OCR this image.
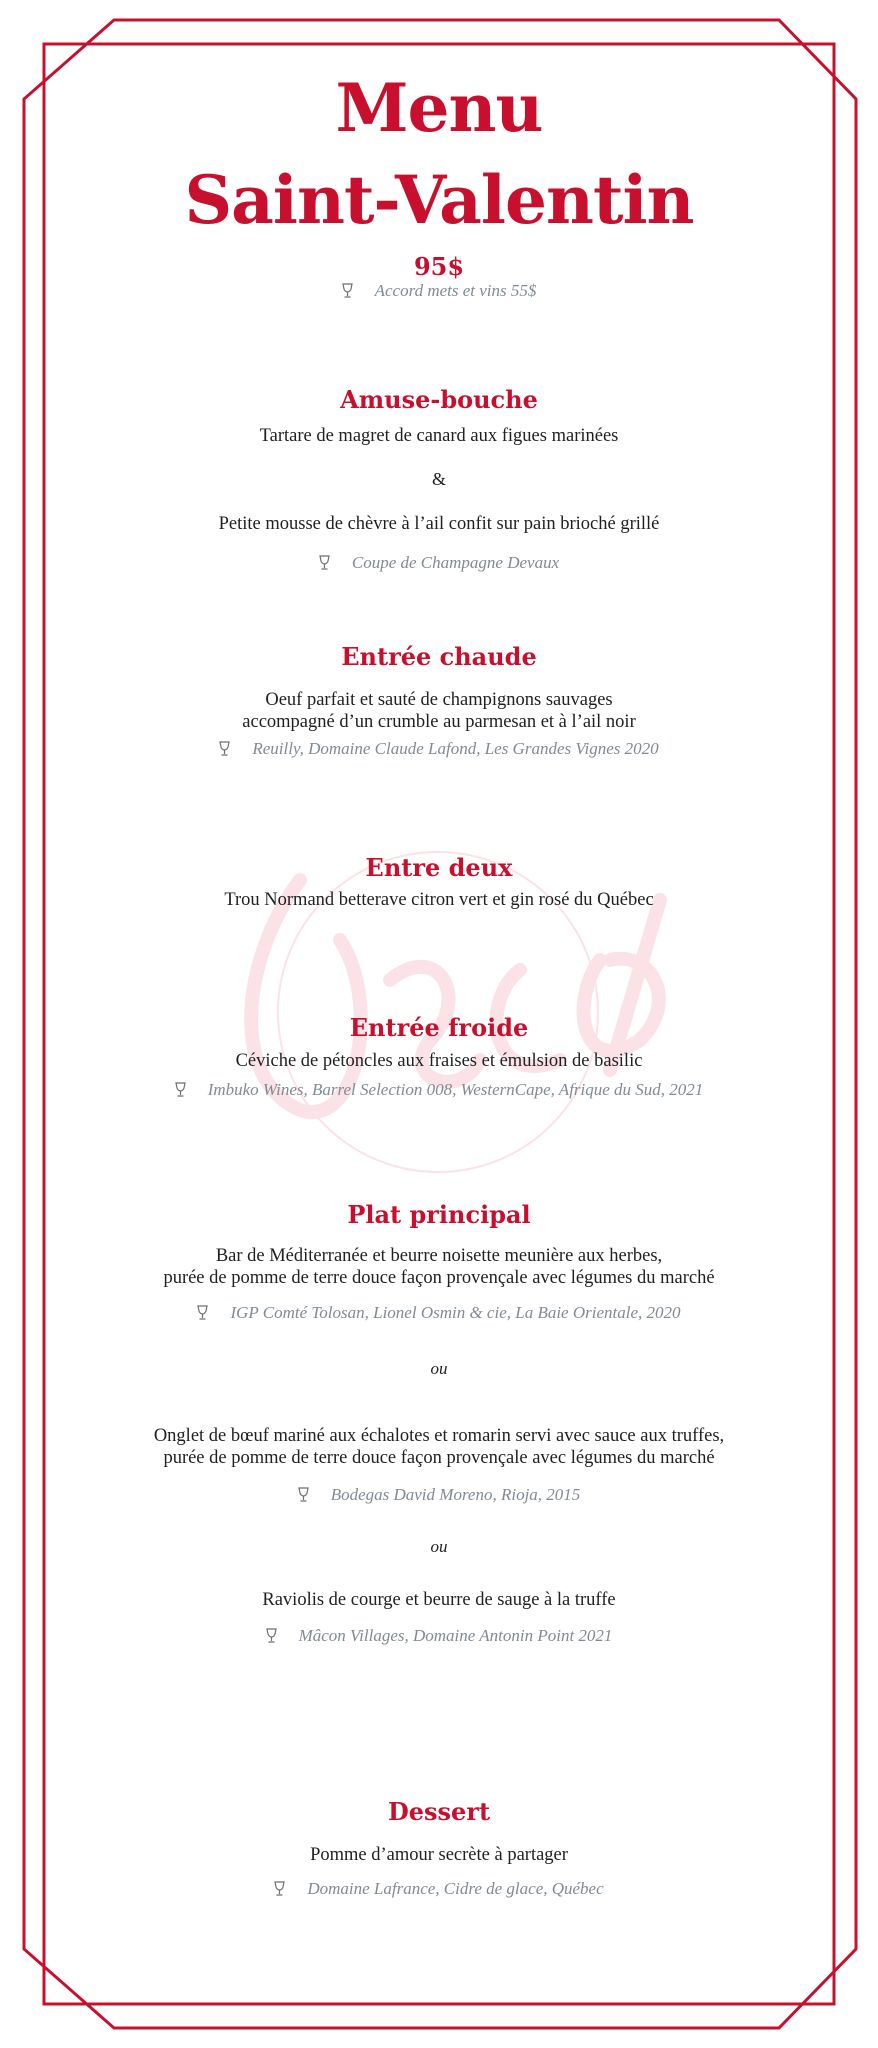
Menu
Saint-Valentin
95$
Accord mets et vins 55$
Amuse-bouche
Tartare de magret de canard aux figues marinées
&
Petite mousse de chèvre à l’ail confit sur pain brioché grillé
Coupe de Champagne Devaux
Entrée chaude
Oeuf parfait et sauté de champignons sauvages
accompagné d’un crumble au parmesan et à l’ail noir
Reuilly, Domaine Claude Lafond, Les Grandes Vignes 2020
Entre deux
Trou Normand betterave citron vert et gin rosé du Québec
Entrée froide
Céviche de pétoncles aux fraises et émulsion de basilic
Imbuko Wines, Barrel Selection 008, WesternCape, Afrique du Sud, 2021
Plat principal
Bar de Méditerranée et beurre noisette meunière aux herbes,
purée de pomme de terre douce façon provençale avec légumes du marché
IGP Comté Tolosan, Lionel Osmin & cie, La Baie Orientale, 2020
ou
Onglet de bœuf mariné aux échalotes et romarin servi avec sauce aux truffes,
purée de pomme de terre douce façon provençale avec légumes du marché
Bodegas David Moreno, Rioja, 2015
ou
Raviolis de courge et beurre de sauge à la truffe
Mâcon Villages, Domaine Antonin Point 2021
Dessert
Pomme d’amour secrète à partager
Domaine Lafrance, Cidre de glace, Québec
